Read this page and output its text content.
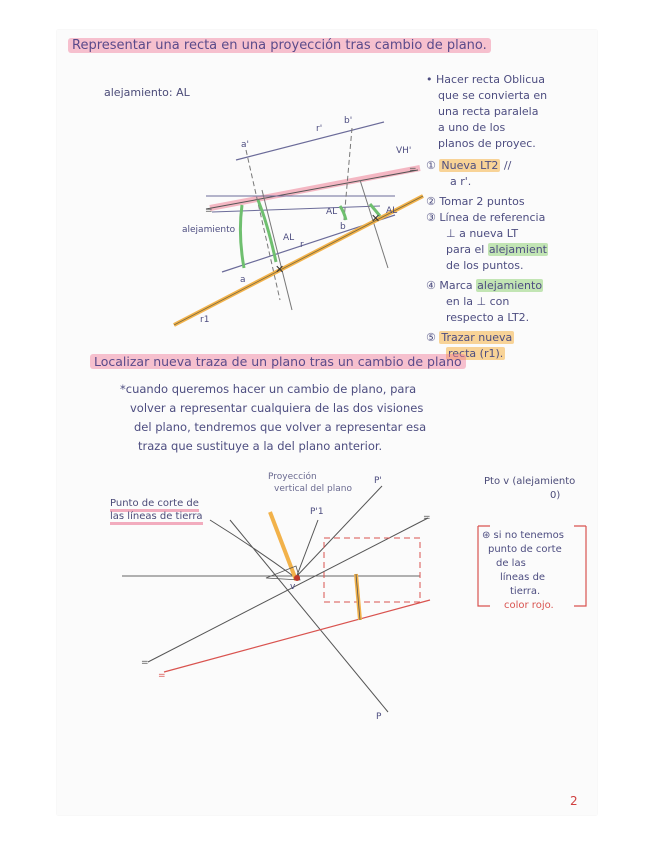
=
=
✕
✕
=
=
=
Representar una recta en una proyección tras cambio de plano.
alejamiento: AL
• Hacer recta Oblicua
que se convierta en
una recta paralela
a uno de los
planos de proyec.
① Nueva LT2 //
a r'.
② Tomar 2 puntos
③ Línea de referencia
⊥ a nueva LT
para el alejamient
de los puntos.
④ Marca alejamiento
en la ⊥ con
respecto a LT2.
⑤ Trazar nueva
recta (r1).
a'
b'
r'
VH'
alejamiento
AL
AL
AL
r
a
b
r1
Localizar nueva traza de un plano tras un cambio de plano
*cuando queremos hacer un cambio de plano, para
volver a representar cualquiera de las dos visiones
del plano, tendremos que volver a representar esa
traza que sustituye a la del plano anterior.
Proyección
vertical del plano
P'
P'1
v
P
Punto de corte de
las líneas de tierra
Pto v (alejamiento
0)
⊛ si no tenemos
punto de corte
de las
líneas de
tierra.
color rojo.
2
